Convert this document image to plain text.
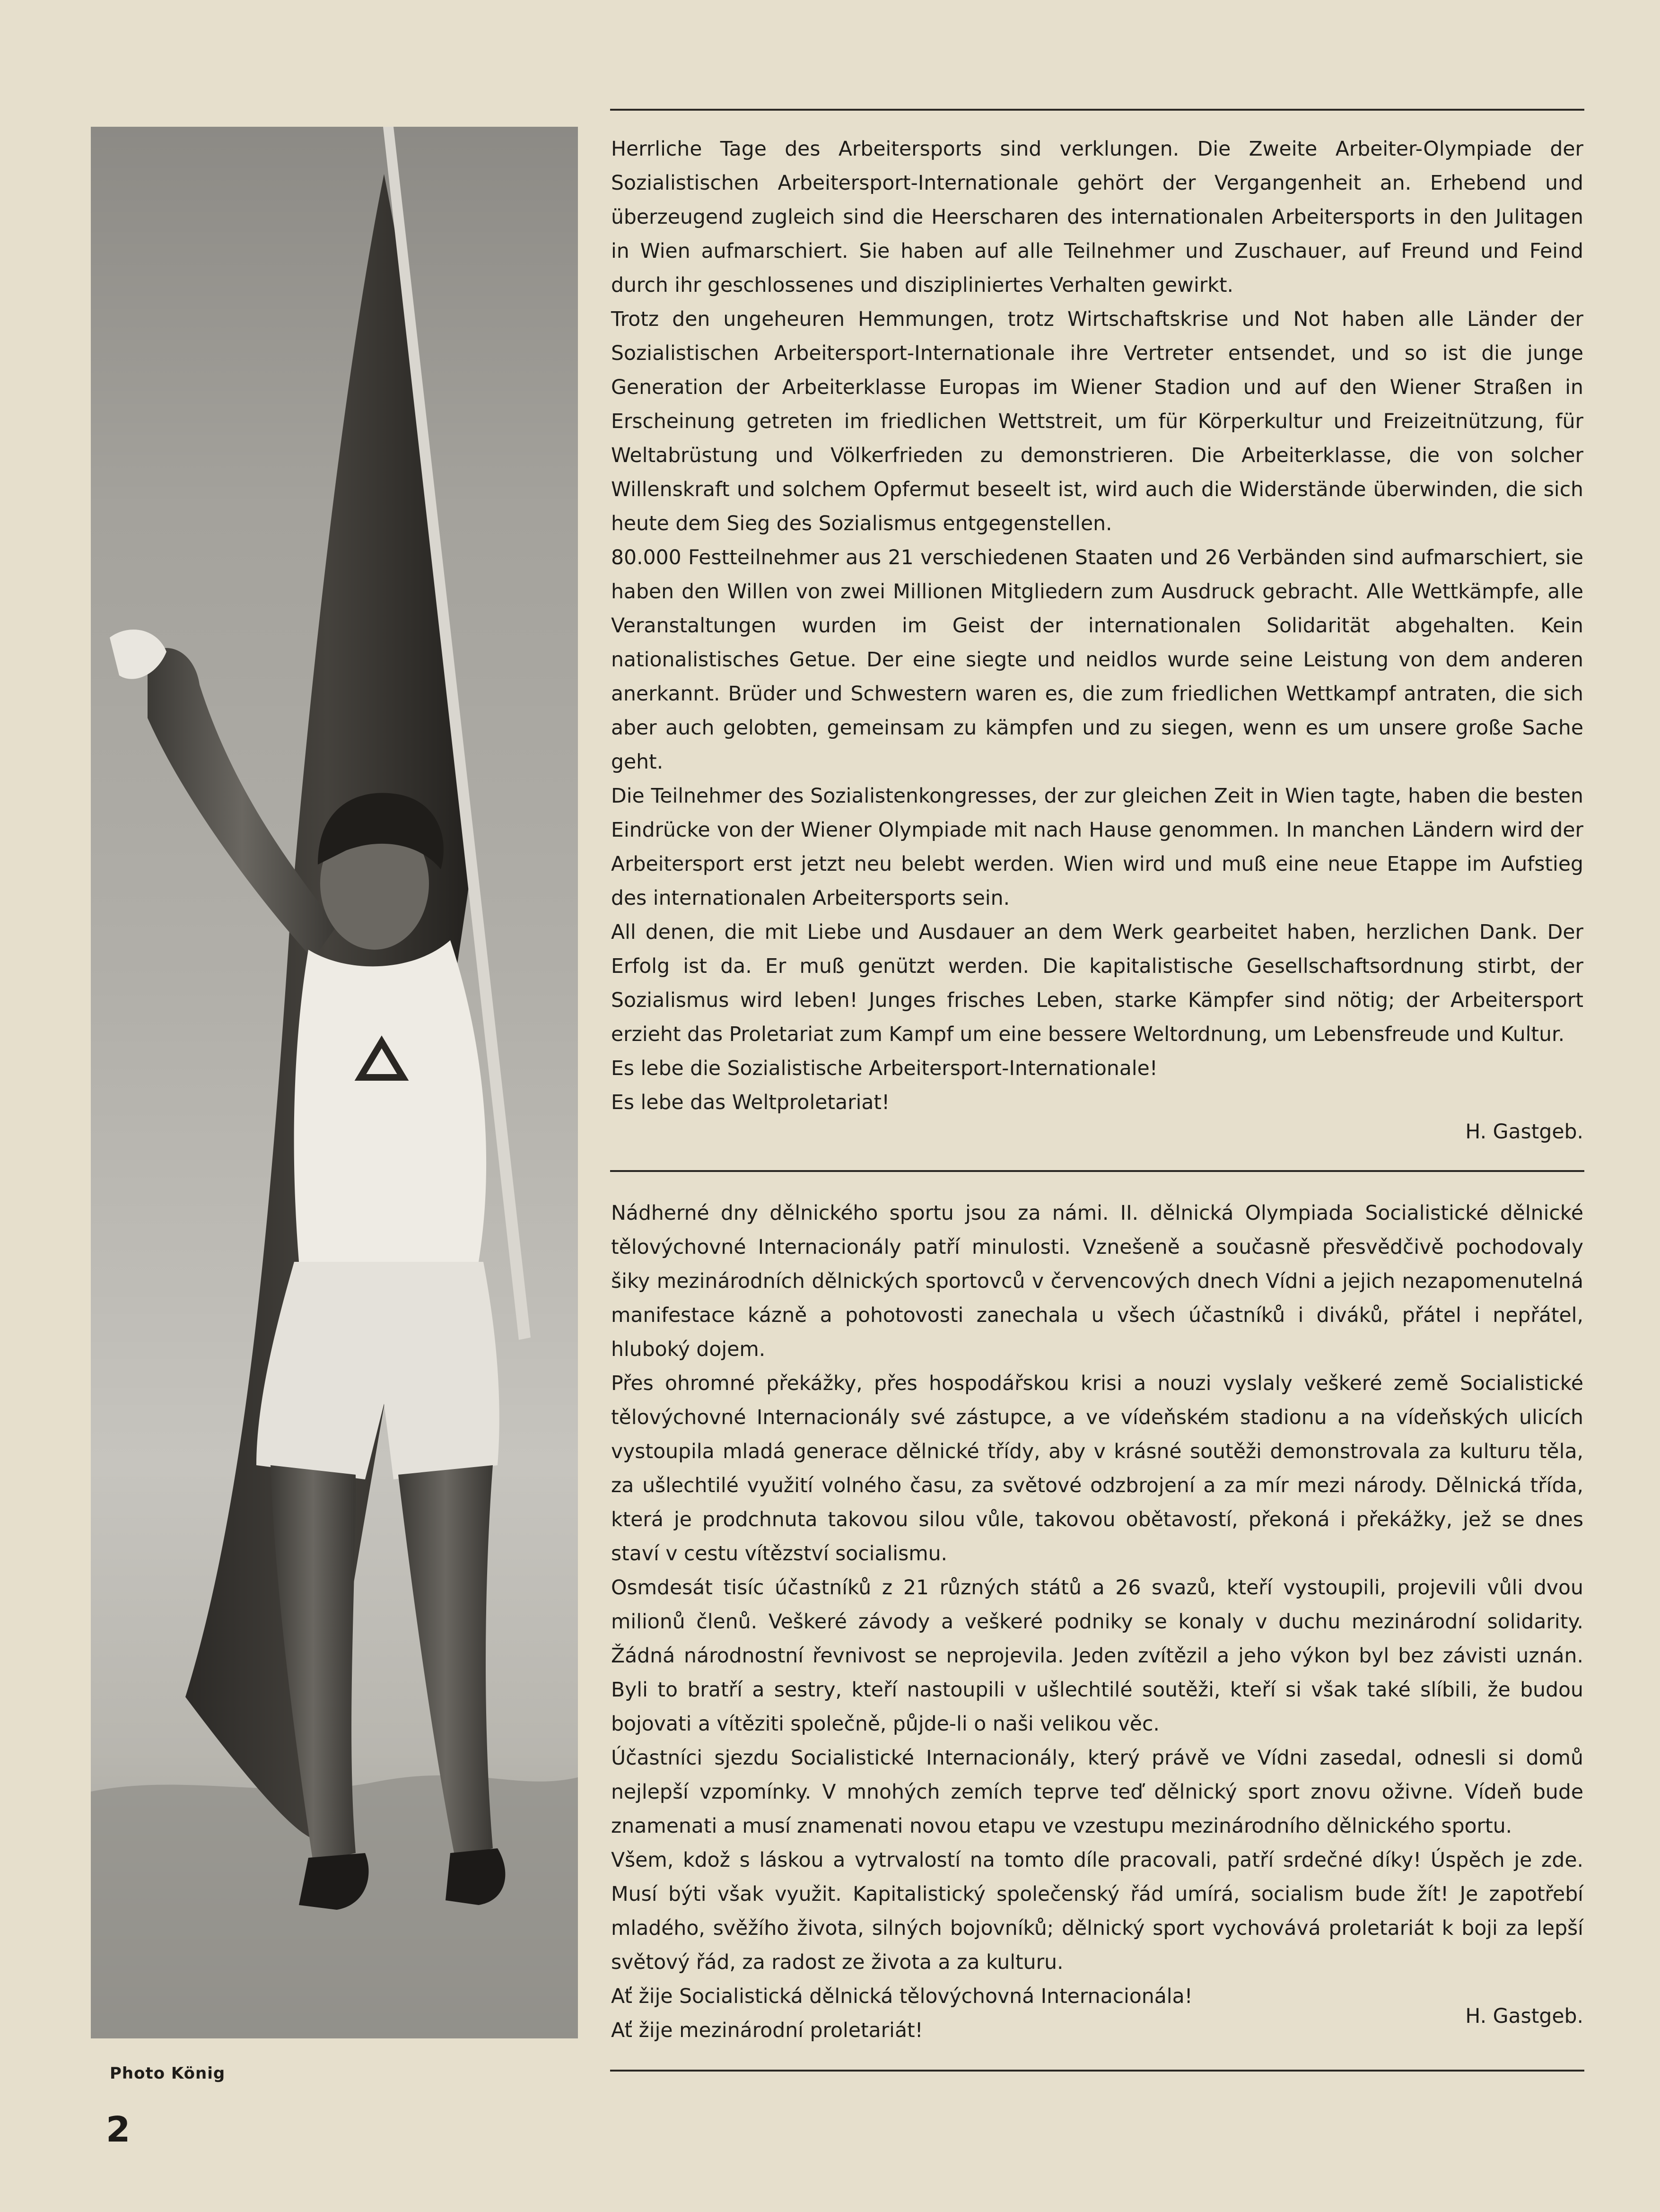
Photo König
2

Herrliche Tage des Arbeitersports sind verklungen. Die Zweite Arbeiter-Olympiade der Sozialistischen Arbeitersport-Internationale gehört der Vergangenheit an. Erhebend und überzeugend zugleich sind die Heerscharen des internationalen Arbeitersports in den Julitagen in Wien aufmarschiert. Sie haben auf alle Teilnehmer und Zuschauer, auf Freund und Feind durch ihr geschlossenes und diszipliniertes Verhalten gewirkt.

Trotz den ungeheuren Hemmungen, trotz Wirtschaftskrise und Not haben alle Länder der Sozialistischen Arbeitersport-Internationale ihre Vertreter entsendet, und so ist die junge Generation der Arbeiterklasse Europas im Wiener Stadion und auf den Wiener Straßen in Erscheinung getreten im friedlichen Wettstreit, um für Körperkultur und Freizeitnützung, für Weltabrüstung und Völkerfrieden zu demonstrieren. Die Arbeiterklasse, die von solcher Willenskraft und solchem Opfermut beseelt ist, wird auch die Widerstände überwinden, die sich heute dem Sieg des Sozialismus entgegenstellen.

80.000 Festteilnehmer aus 21 verschiedenen Staaten und 26 Verbänden sind aufmarschiert, sie haben den Willen von zwei Millionen Mitgliedern zum Ausdruck gebracht. Alle Wettkämpfe, alle Veranstaltungen wurden im Geist der internationalen Solidarität abgehalten. Kein nationalistisches Getue. Der eine siegte und neidlos wurde seine Leistung von dem anderen anerkannt. Brüder und Schwestern waren es, die zum friedlichen Wettkampf antraten, die sich aber auch gelobten, gemeinsam zu kämpfen und zu siegen, wenn es um unsere große Sache geht.

Die Teilnehmer des Sozialistenkongresses, der zur gleichen Zeit in Wien tagte, haben die besten Eindrücke von der Wiener Olympiade mit nach Hause genommen. In manchen Ländern wird der Arbeitersport erst jetzt neu belebt werden. Wien wird und muß eine neue Etappe im Aufstieg des internationalen Arbeitersports sein.

All denen, die mit Liebe und Ausdauer an dem Werk gearbeitet haben, herzlichen Dank. Der Erfolg ist da. Er muß genützt werden. Die kapitalistische Gesellschaftsordnung stirbt, der Sozialismus wird leben! Junges frisches Leben, starke Kämpfer sind nötig; der Arbeitersport erzieht das Proletariat zum Kampf um eine bessere Weltordnung, um Lebensfreude und Kultur.

Es lebe die Sozialistische Arbeitersport-Internationale!

Es lebe das Weltproletariat!

H. Gastgeb.

Nádherné dny dělnického sportu jsou za námi. II. dělnická Olympiada Socialistické dělnické tělovýchovné Internacionály patří minulosti. Vznešeně a současně přesvědčivě pochodovaly šiky mezinárodních dělnických sportovců v červencových dnech Vídni a jejich nezapomenutelná manifestace kázně a pohotovosti zanechala u všech účastníků i diváků, přátel i nepřátel, hluboký dojem.

Přes ohromné překážky, přes hospodářskou krisi a nouzi vyslaly veškeré země Socialistické tělovýchovné Internacionály své zástupce, a ve vídeňském stadionu a na vídeňských ulicích vystoupila mladá generace dělnické třídy, aby v krásné soutěži demonstrovala za kulturu těla, za ušlechtilé využití volného času, za světové odzbrojení a za mír mezi národy. Dělnická třída, která je prodchnuta takovou silou vůle, takovou obětavostí, překoná i překážky, jež se dnes staví v cestu vítězství socialismu.

Osmdesát tisíc účastníků z 21 různých států a 26 svazů, kteří vystoupili, projevili vůli dvou milionů členů. Veškeré závody a veškeré podniky se konaly v duchu mezinárodní solidarity. Žádná národnostní řevnivost se neprojevila. Jeden zvítězil a jeho výkon byl bez závisti uznán. Byli to bratří a sestry, kteří nastoupili v ušlechtilé soutěži, kteří si však také slíbili, že budou bojovati a vítěziti společně, půjde-li o naši velikou věc.

Účastníci sjezdu Socialistické Internacionály, který právě ve Vídni zasedal, odnesli si domů nejlepší vzpomínky. V mnohých zemích teprve teď dělnický sport znovu oživne. Vídeň bude znamenati a musí znamenati novou etapu ve vzestupu mezinárodního dělnického sportu.

Všem, kdož s láskou a vytrvalostí na tomto díle pracovali, patří srdečné díky! Úspěch je zde. Musí býti však využit. Kapitalistický společenský řád umírá, socialism bude žít! Je zapotřebí mladého, svěžího života, silných bojovníků; dělnický sport vychovává proletariát k boji za lepší světový řád, za radost ze života a za kulturu.

Ať žije Socialistická dělnická tělovýchovná Internacionála!

Ať žije mezinárodní proletariát!

H. Gastgeb.
